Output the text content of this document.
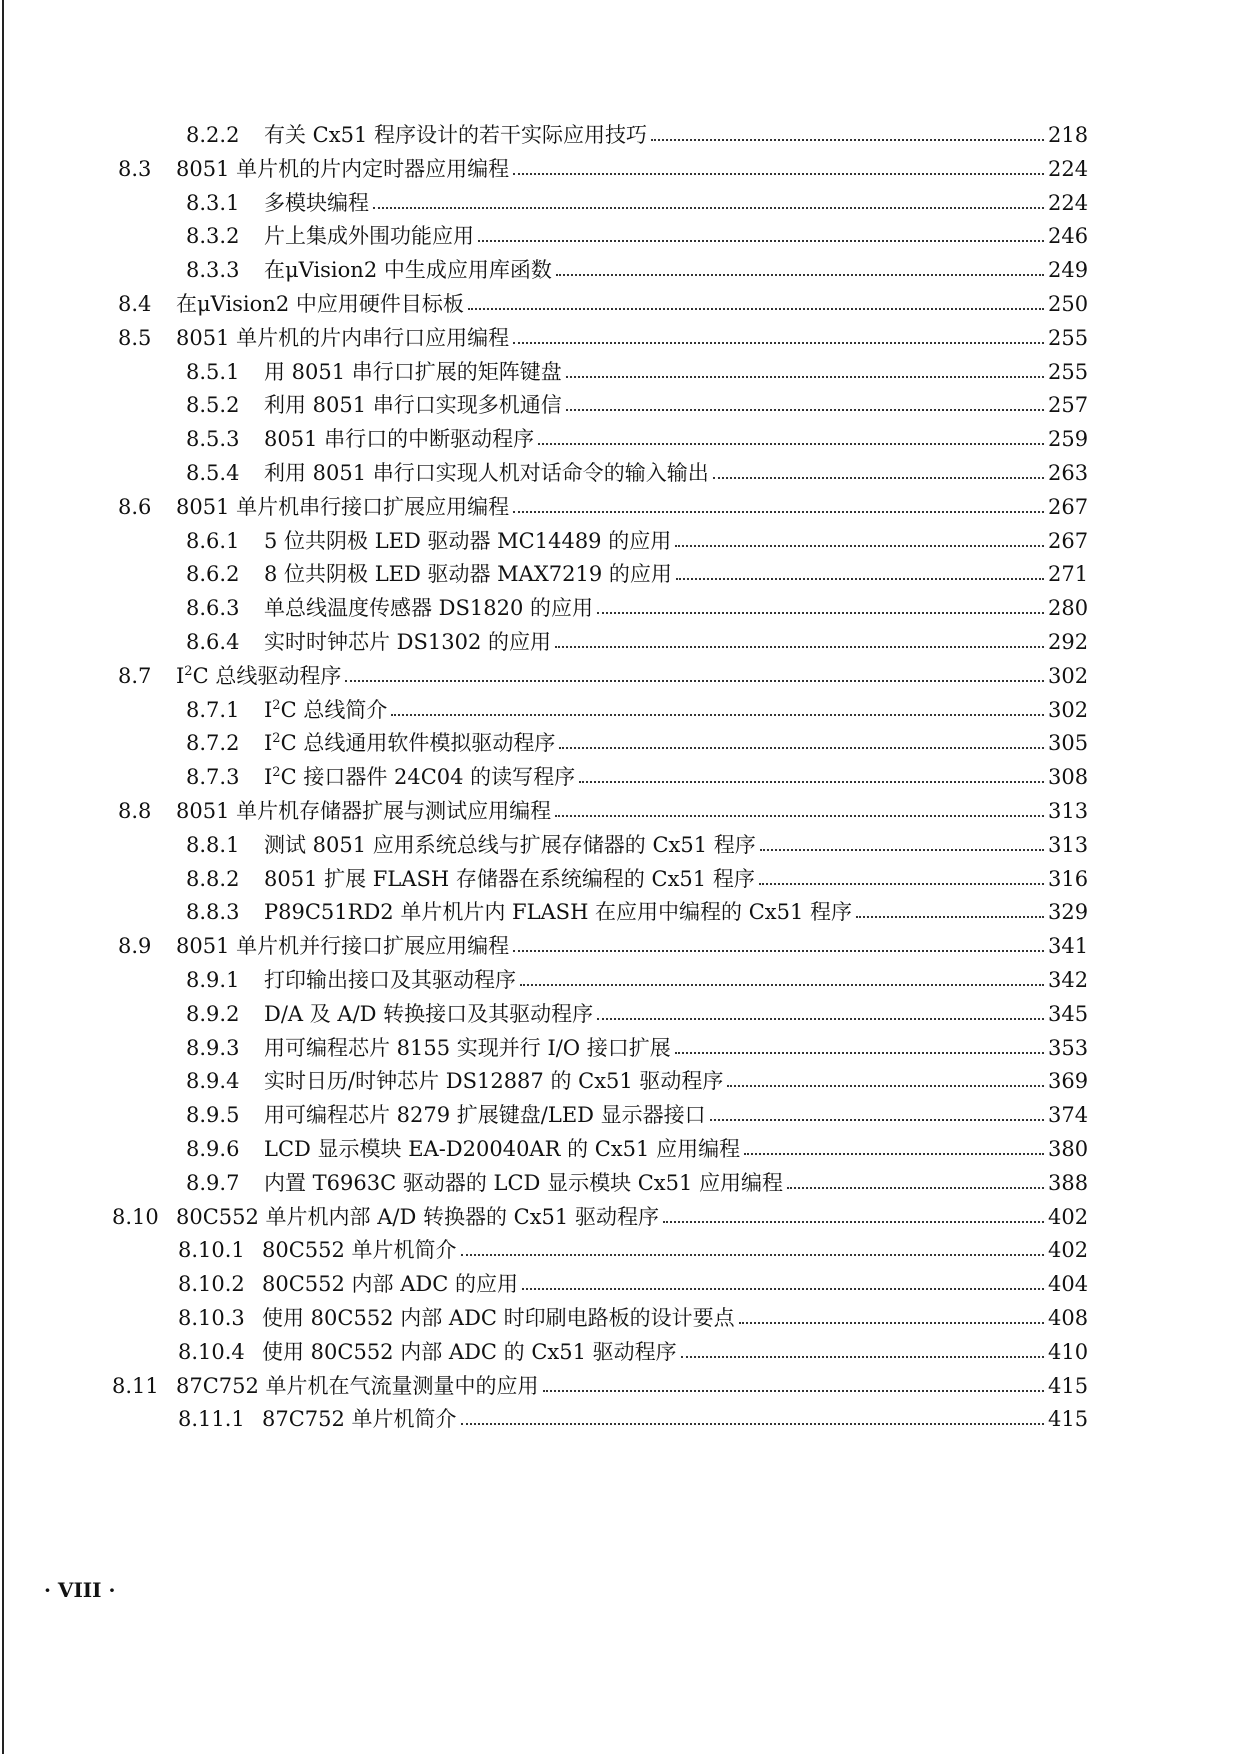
8.2.2	有关 Cx51 程序设计的若干实际应用技巧	218
8.3	8051 单片机的片内定时器应用编程	224
8.3.1	多模块编程	224
8.3.2	片上集成外围功能应用	246
8.3.3	在μVision2 中生成应用库函数	249
8.4	在μVision2 中应用硬件目标板	250
8.5	8051 单片机的片内串行口应用编程	255
8.5.1	用 8051 串行口扩展的矩阵键盘	255
8.5.2	利用 8051 串行口实现多机通信	257
8.5.3	8051 串行口的中断驱动程序	259
8.5.4	利用 8051 串行口实现人机对话命令的输入输出	263
8.6	8051 单片机串行接口扩展应用编程	267
8.6.1	5 位共阴极 LED 驱动器 MC14489 的应用	267
8.6.2	8 位共阴极 LED 驱动器 MAX7219 的应用	271
8.6.3	单总线温度传感器 DS1820 的应用	280
8.6.4	实时时钟芯片 DS1302 的应用	292
8.7	$I^2C$ 总线驱动程序	302
8.7.1	$I^2C$ 总线简介	302
8.7.2	$I^2C$ 总线通用软件模拟驱动程序	305
8.7.3	$I^2C$ 接口器件 24C04 的读写程序	308
8.8	8051 单片机存储器扩展与测试应用编程	313
8.8.1	测试 8051 应用系统总线与扩展存储器的 Cx51 程序	313
8.8.2	8051 扩展 FLASH 存储器在系统编程的 Cx51 程序	316
8.8.3	P89C51RD2 单片机片内 FLASH 在应用中编程的 Cx51 程序	329
8.9	8051 单片机并行接口扩展应用编程	341
8.9.1	打印输出接口及其驱动程序	342
8.9.2	D/A 及 A/D 转换接口及其驱动程序	345
8.9.3	用可编程芯片 8155 实现并行 I/O 接口扩展	353
8.9.4	实时日历/时钟芯片 DS12887 的 Cx51 驱动程序	369
8.9.5	用可编程芯片 8279 扩展键盘/LED 显示器接口	374
8.9.6	LCD 显示模块 EA-D20040AR 的 Cx51 应用编程	380
8.9.7	内置 T6963C 驱动器的 LCD 显示模块 Cx51 应用编程	388
8.10 80C552 单片机内部 A/D 转换器的 Cx51 驱动程序	402
8.10.1 80C552 单片机简介	402
8.10.2 80C552 内部 ADC 的应用	404
8.10.3 使用 80C552 内部 ADC 时印刷电路板的设计要点	408
8.10.4 使用 80C552 内部 ADC 的 Cx51 驱动程序	410
8.11 87C752 单片机在气流量测量中的应用	415
8.11.1 87C752 单片机简介	415
· VIII ·
